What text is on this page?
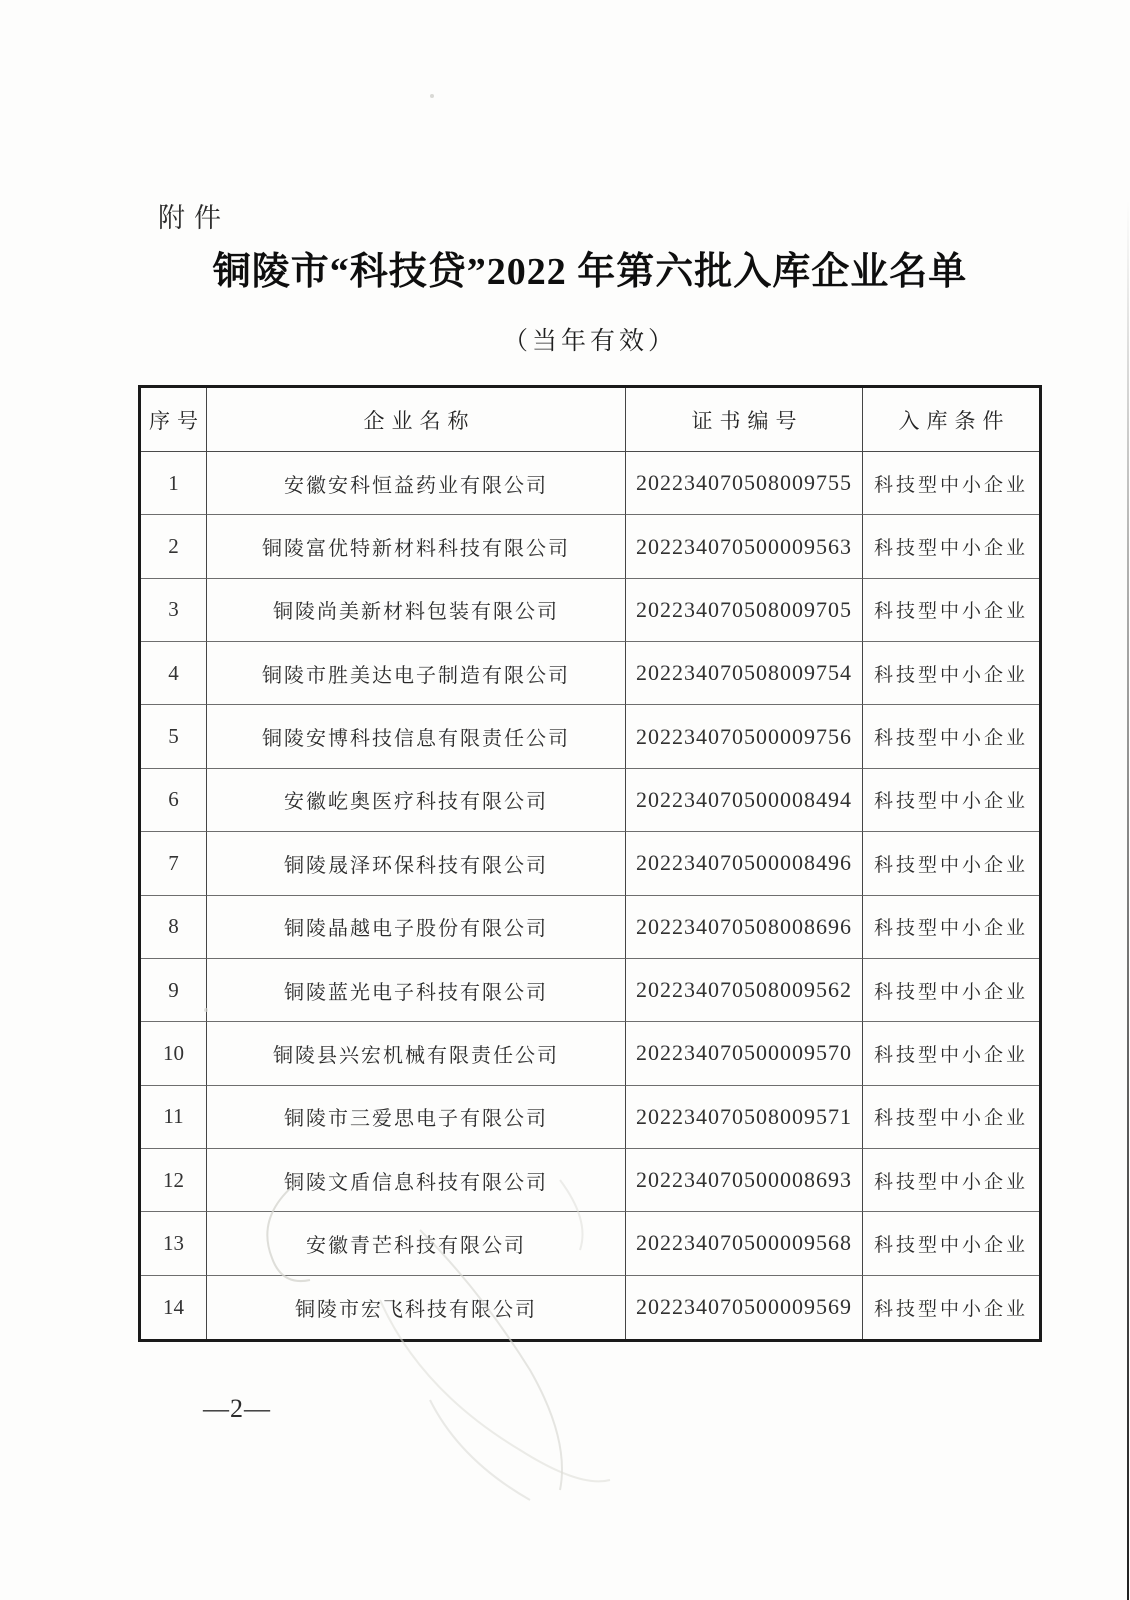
附件
铜陵市“科技贷”2022 年第六批入库企业名单
（当年有效）
序号	企业名称	证书编号	入库条件
1	安徽安科恒益药业有限公司	202234070508009755	科技型中小企业
2	铜陵富优特新材料科技有限公司	202234070500009563	科技型中小企业
3	铜陵尚美新材料包装有限公司	202234070508009705	科技型中小企业
4	铜陵市胜美达电子制造有限公司	202234070508009754	科技型中小企业
5	铜陵安博科技信息有限责任公司	202234070500009756	科技型中小企业
6	安徽屹奥医疗科技有限公司	202234070500008494	科技型中小企业
7	铜陵晟泽环保科技有限公司	202234070500008496	科技型中小企业
8	铜陵晶越电子股份有限公司	202234070508008696	科技型中小企业
9	铜陵蓝光电子科技有限公司	202234070508009562	科技型中小企业
10	铜陵县兴宏机械有限责任公司	202234070500009570	科技型中小企业
11	铜陵市三爱思电子有限公司	202234070508009571	科技型中小企业
12	铜陵文盾信息科技有限公司	202234070500008693	科技型中小企业
13	安徽青芒科技有限公司	202234070500009568	科技型中小企业
14	铜陵市宏飞科技有限公司	202234070500009569	科技型中小企业
—2—
